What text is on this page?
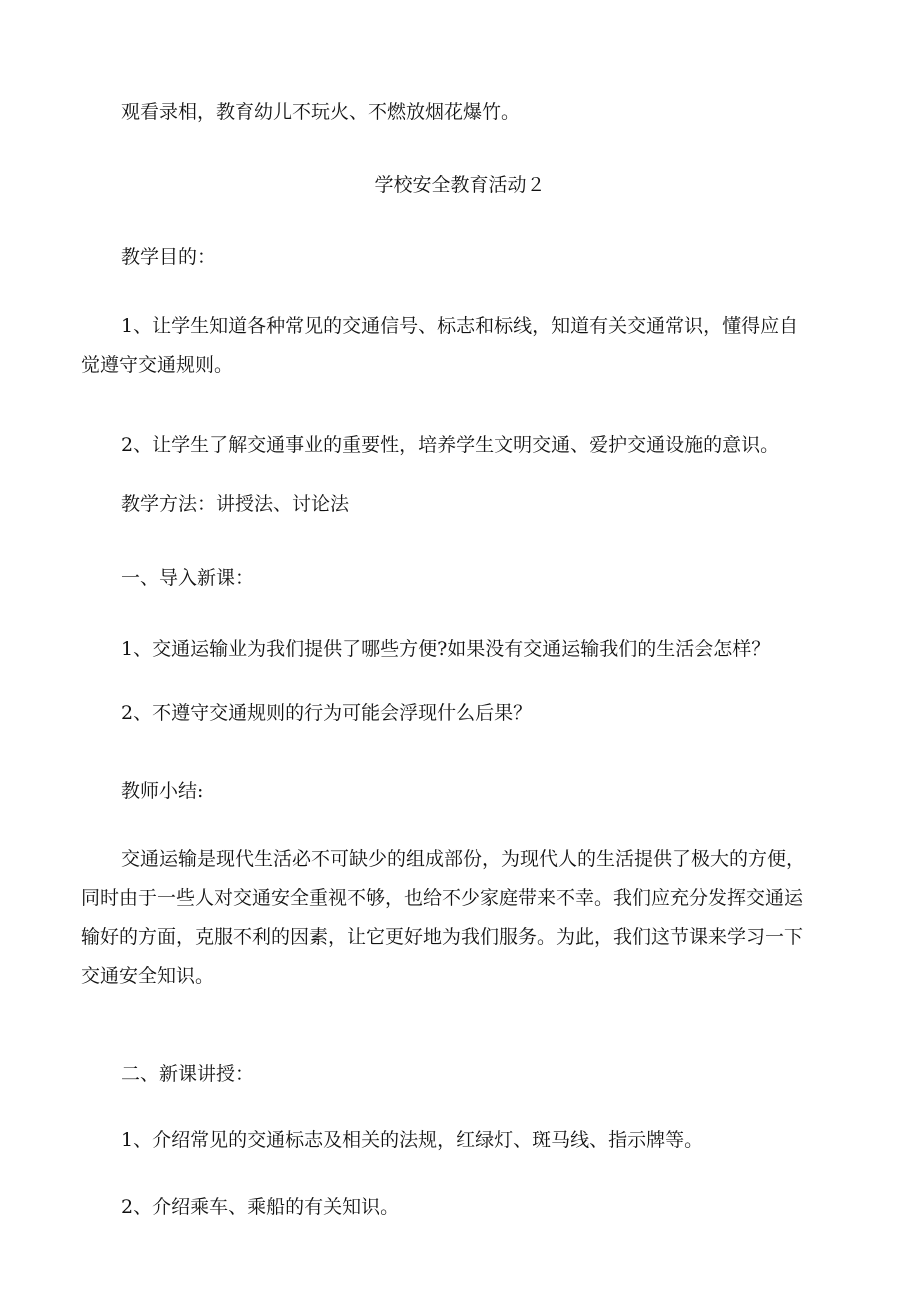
观看录相，教育幼儿不玩火、不燃放烟花爆竹。
学校安全教育活动２
教学目的：
1、让学生知道各种常见的交通信号、标志和标线，知道有关交通常识，懂得应自
觉遵守交通规则。
2、让学生了解交通事业的重要性，培养学生文明交通、爱护交通设施的意识。
教学方法：讲授法、讨论法
一、导入新课：
1、交通运输业为我们提供了哪些方便?如果没有交通运输我们的生活会怎样？
2、不遵守交通规则的行为可能会浮现什么后果？
教师小结:
交通运输是现代生活必不可缺少的组成部份，为现代人的生活提供了极大的方便，
同时由于一些人对交通安全重视不够，也给不少家庭带来不幸。我们应充分发挥交通运
输好的方面，克服不利的因素，让它更好地为我们服务。为此，我们这节课来学习一下
交通安全知识。
二、新课讲授：
1、介绍常见的交通标志及相关的法规，红绿灯、斑马线、指示牌等。
2、介绍乘车、乘船的有关知识。
